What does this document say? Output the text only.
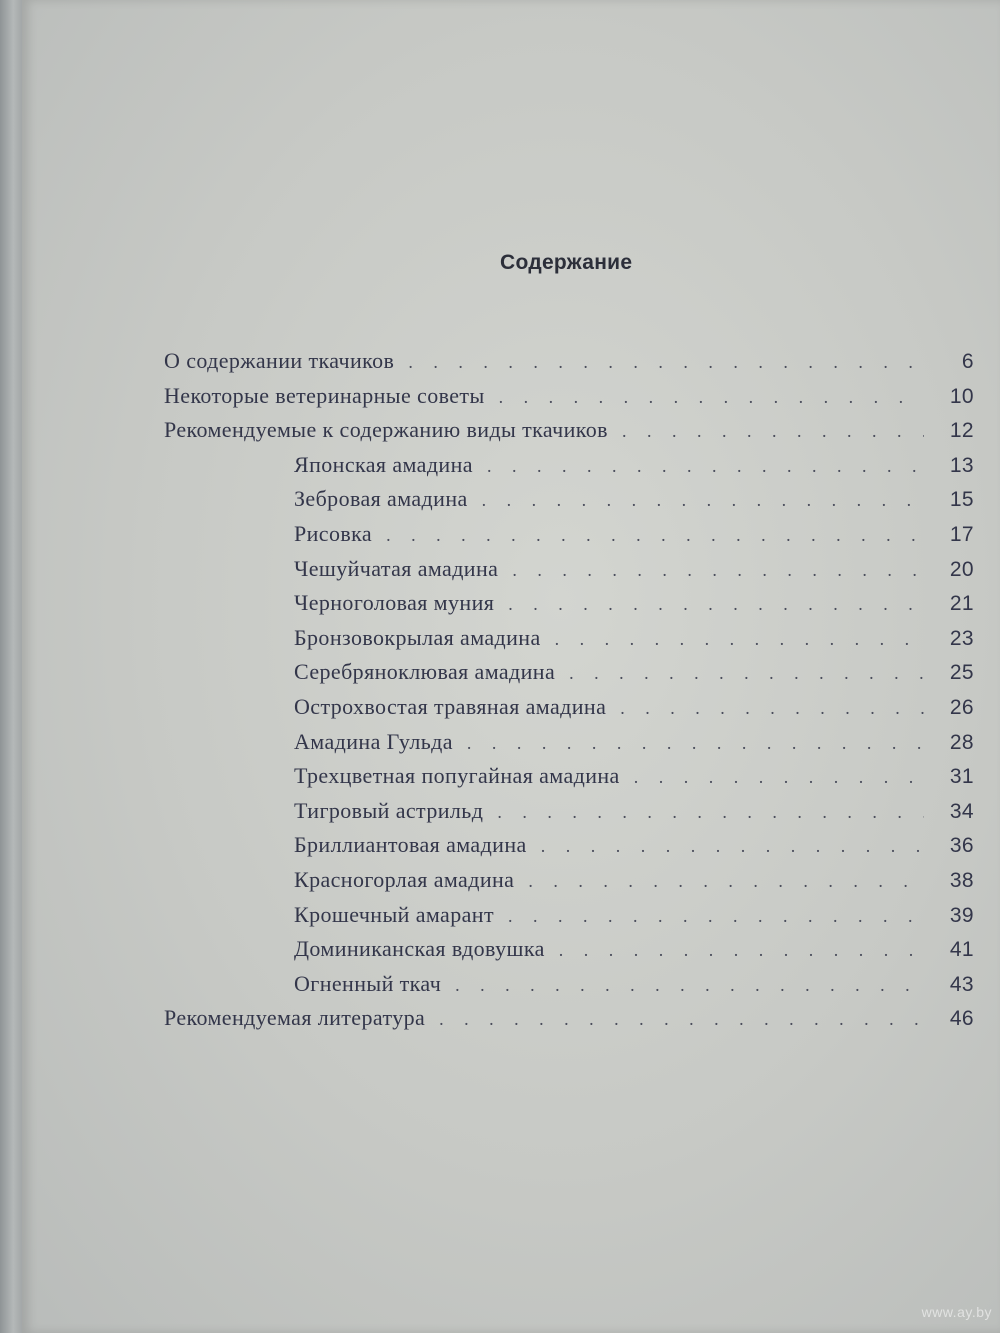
Содержание
О содержании ткачиков . . .	6
Некоторые ветеринарные советы . . .	10
Рекомендуемые к содержанию виды ткачиков . . .	12
Японская амадина . . .	13
Зебровая амадина . . .	15
Рисовка . . .	17
Чешуйчатая амадина . . .	20
Черноголовая муния . . .	21
Бронзовокрылая амадина . . .	23
Серебряноклювая амадина . . .	25
Острохвостая травяная амадина . . .	26
Амадина Гульда . . .	28
Трехцветная попугайная амадина . . .	31
Тигровый астрильд . . .	34
Бриллиантовая амадина . . .	36
Красногорлая амадина . . .	38
Крошечный амарант . . .	39
Доминиканская вдовушка . . .	41
Огненный ткач . . .	43
Рекомендуемая литература . . .	46
www.ay.by
